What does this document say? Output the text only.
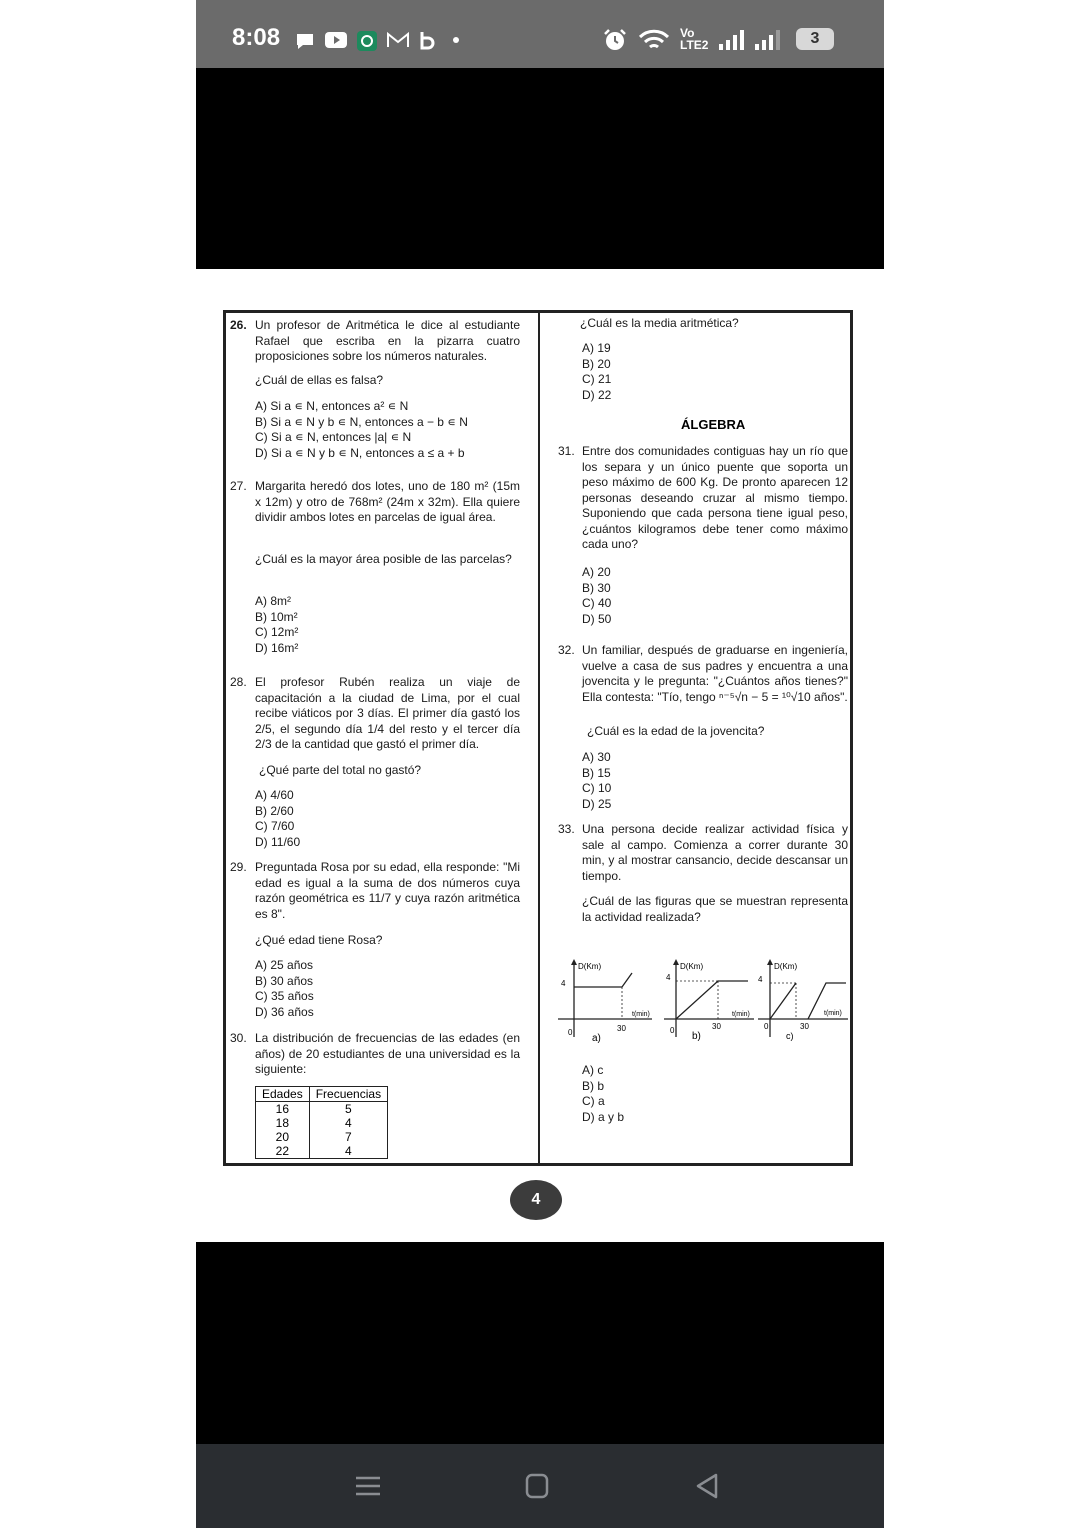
8:08	Vo
LTE2	3
26. Un profesor de Aritmética le dice al estudiante Rafael que escriba en la pizarra cuatro proposiciones sobre los números naturales.
¿Cuál de ellas es falsa?
A) Si a ∊ N, entonces a² ∊ N
B) Si a ∊ N y b ∊ N, entonces a − b ∊ N
C) Si a ∊ N, entonces |a| ∊ N
D) Si a ∊ N y b ∊ N, entonces a ≤ a + b
27. Margarita heredó dos lotes, uno de 180 m² (15m x 12m) y otro de 768m² (24m x 32m). Ella quiere dividir ambos lotes en parcelas de igual área.
¿Cuál es la mayor área posible de las parcelas?
A) 8m²
B) 10m²
C) 12m²
D) 16m²
28. El profesor Rubén realiza un viaje de capacitación a la ciudad de Lima, por el cual recibe viáticos por 3 días. El primer día gastó los 2/5, el segundo día 1/4 del resto y el tercer día 2/3 de la cantidad que gastó el primer día.
¿Qué parte del total no gastó?
A) 4/60
B) 2/60
C) 7/60
D) 11/60
29. Preguntada Rosa por su edad, ella responde: "Mi edad es igual a la suma de dos números cuya razón geométrica es 11/7 y cuya razón aritmética es 8".
¿Qué edad tiene Rosa?
A) 25 años
B) 30 años
C) 35 años
D) 36 años
30. La distribución de frecuencias de las edades (en años) de 20 estudiantes de una universidad es la siguiente:
Edades	Frecuencias
16	5
18	4
20	7
22	4
¿Cuál es la media aritmética?
A) 19
B) 20
C) 21
D) 22
ÁLGEBRA
31. Entre dos comunidades contiguas hay un río que los separa y un único puente que soporta un peso máximo de 600 Kg. De pronto aparecen 12 personas deseando cruzar al mismo tiempo. Suponiendo que cada persona tiene igual peso, ¿cuántos kilogramos debe tener como máximo cada uno?
A) 20
B) 30
C) 40
D) 50
32. Un familiar, después de graduarse en ingeniería, vuelve a casa de sus padres y encuentra a una jovencita y le pregunta: "¿Cuántos años tienes?" Ella contesta: "Tío, tengo ⁿ⁻⁵√n − 5 = ¹⁰√10 años".
¿Cuál es la edad de la jovencita?
A) 30
B) 15
C) 10
D) 25
33. Una persona decide realizar actividad física y sale al campo. Comienza a correr durante 30 min, y al mostrar cansancio, decide descansar un tiempo.
¿Cuál de las figuras que se muestran representa la actividad realizada?
D(Km)
4
t(min)
30
0
a)
D(Km)
4
t(min)
30
0
b)
D(Km)
4
t(min)
30
0
c)
A) c
B) b
C) a
D) a y b
4
